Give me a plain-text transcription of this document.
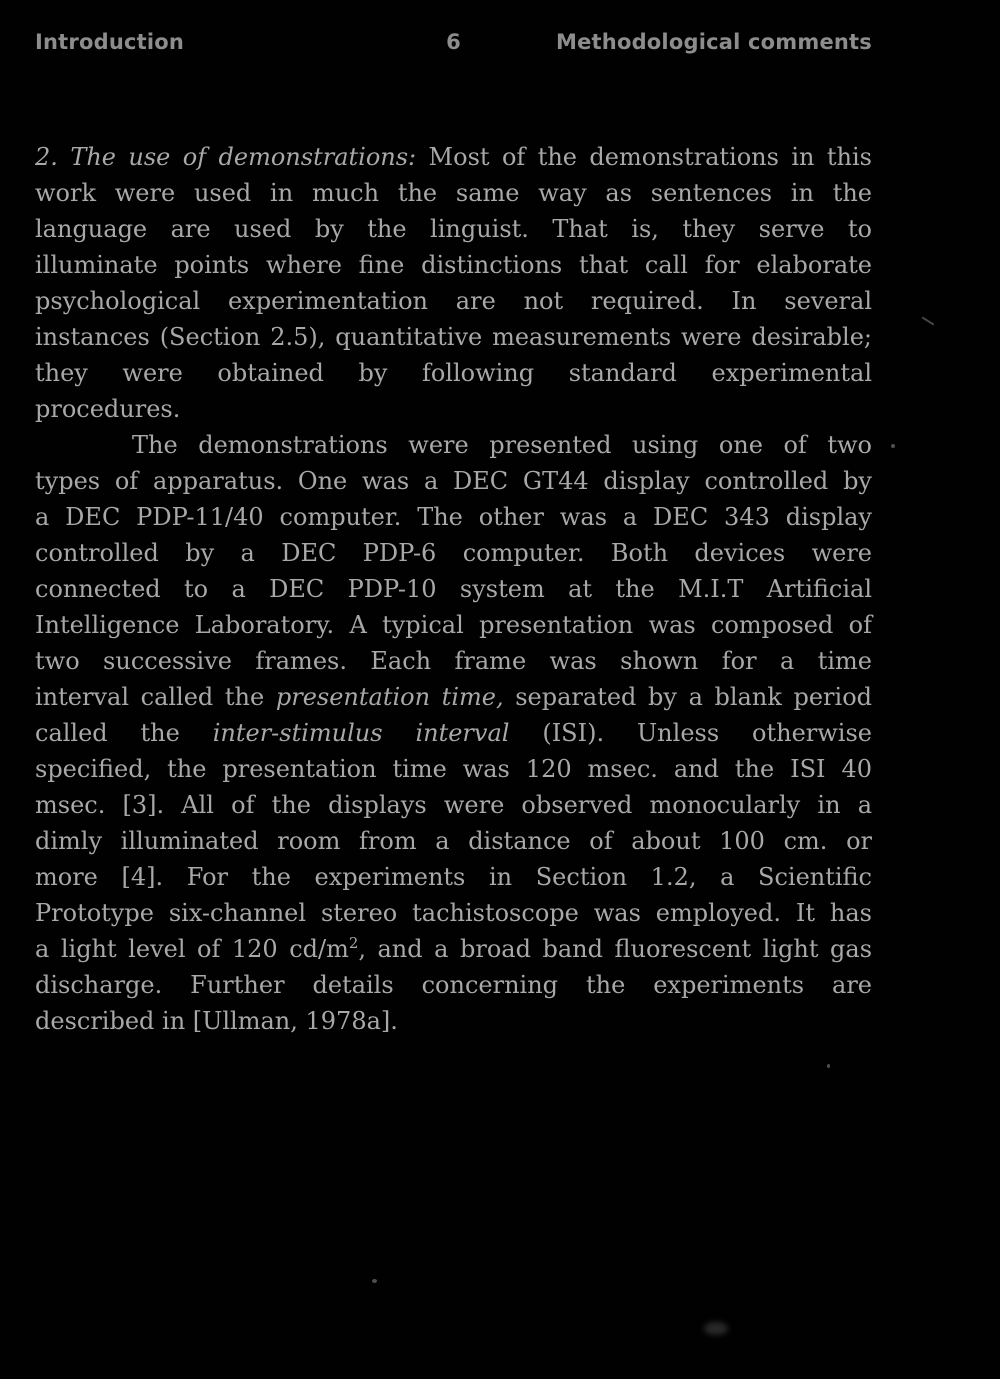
Introduction	6	Methodological comments
2. The use of demonstrations: Most of the demonstrations in this
work were used in much the same way as sentences in the
language are used by the linguist. That is, they serve to
illuminate points where fine distinctions that call for elaborate
psychological experimentation are not required. In several
instances (Section 2.5), quantitative measurements were desirable;
they were obtained by following standard experimental
procedures.
The demonstrations were presented using one of two
types of apparatus. One was a DEC GT44 display controlled by
a DEC PDP-11/40 computer. The other was a DEC 343 display
controlled by a DEC PDP-6 computer. Both devices were
connected to a DEC PDP-10 system at the M.I.T Artificial
Intelligence Laboratory. A typical presentation was composed of
two successive frames. Each frame was shown for a time
interval called the presentation time, separated by a blank period
called the inter-stimulus interval (ISI). Unless otherwise
specified, the presentation time was 120 msec. and the ISI 40
msec. [3]. All of the displays were observed monocularly in a
dimly illuminated room from a distance of about 100 cm. or
more [4]. For the experiments in Section 1.2, a Scientific
Prototype six-channel stereo tachistoscope was employed. It has
a light level of 120 $cd/m^2$, and a broad band fluorescent light gas
discharge. Further details concerning the experiments are
described in [Ullman, 1978a].
